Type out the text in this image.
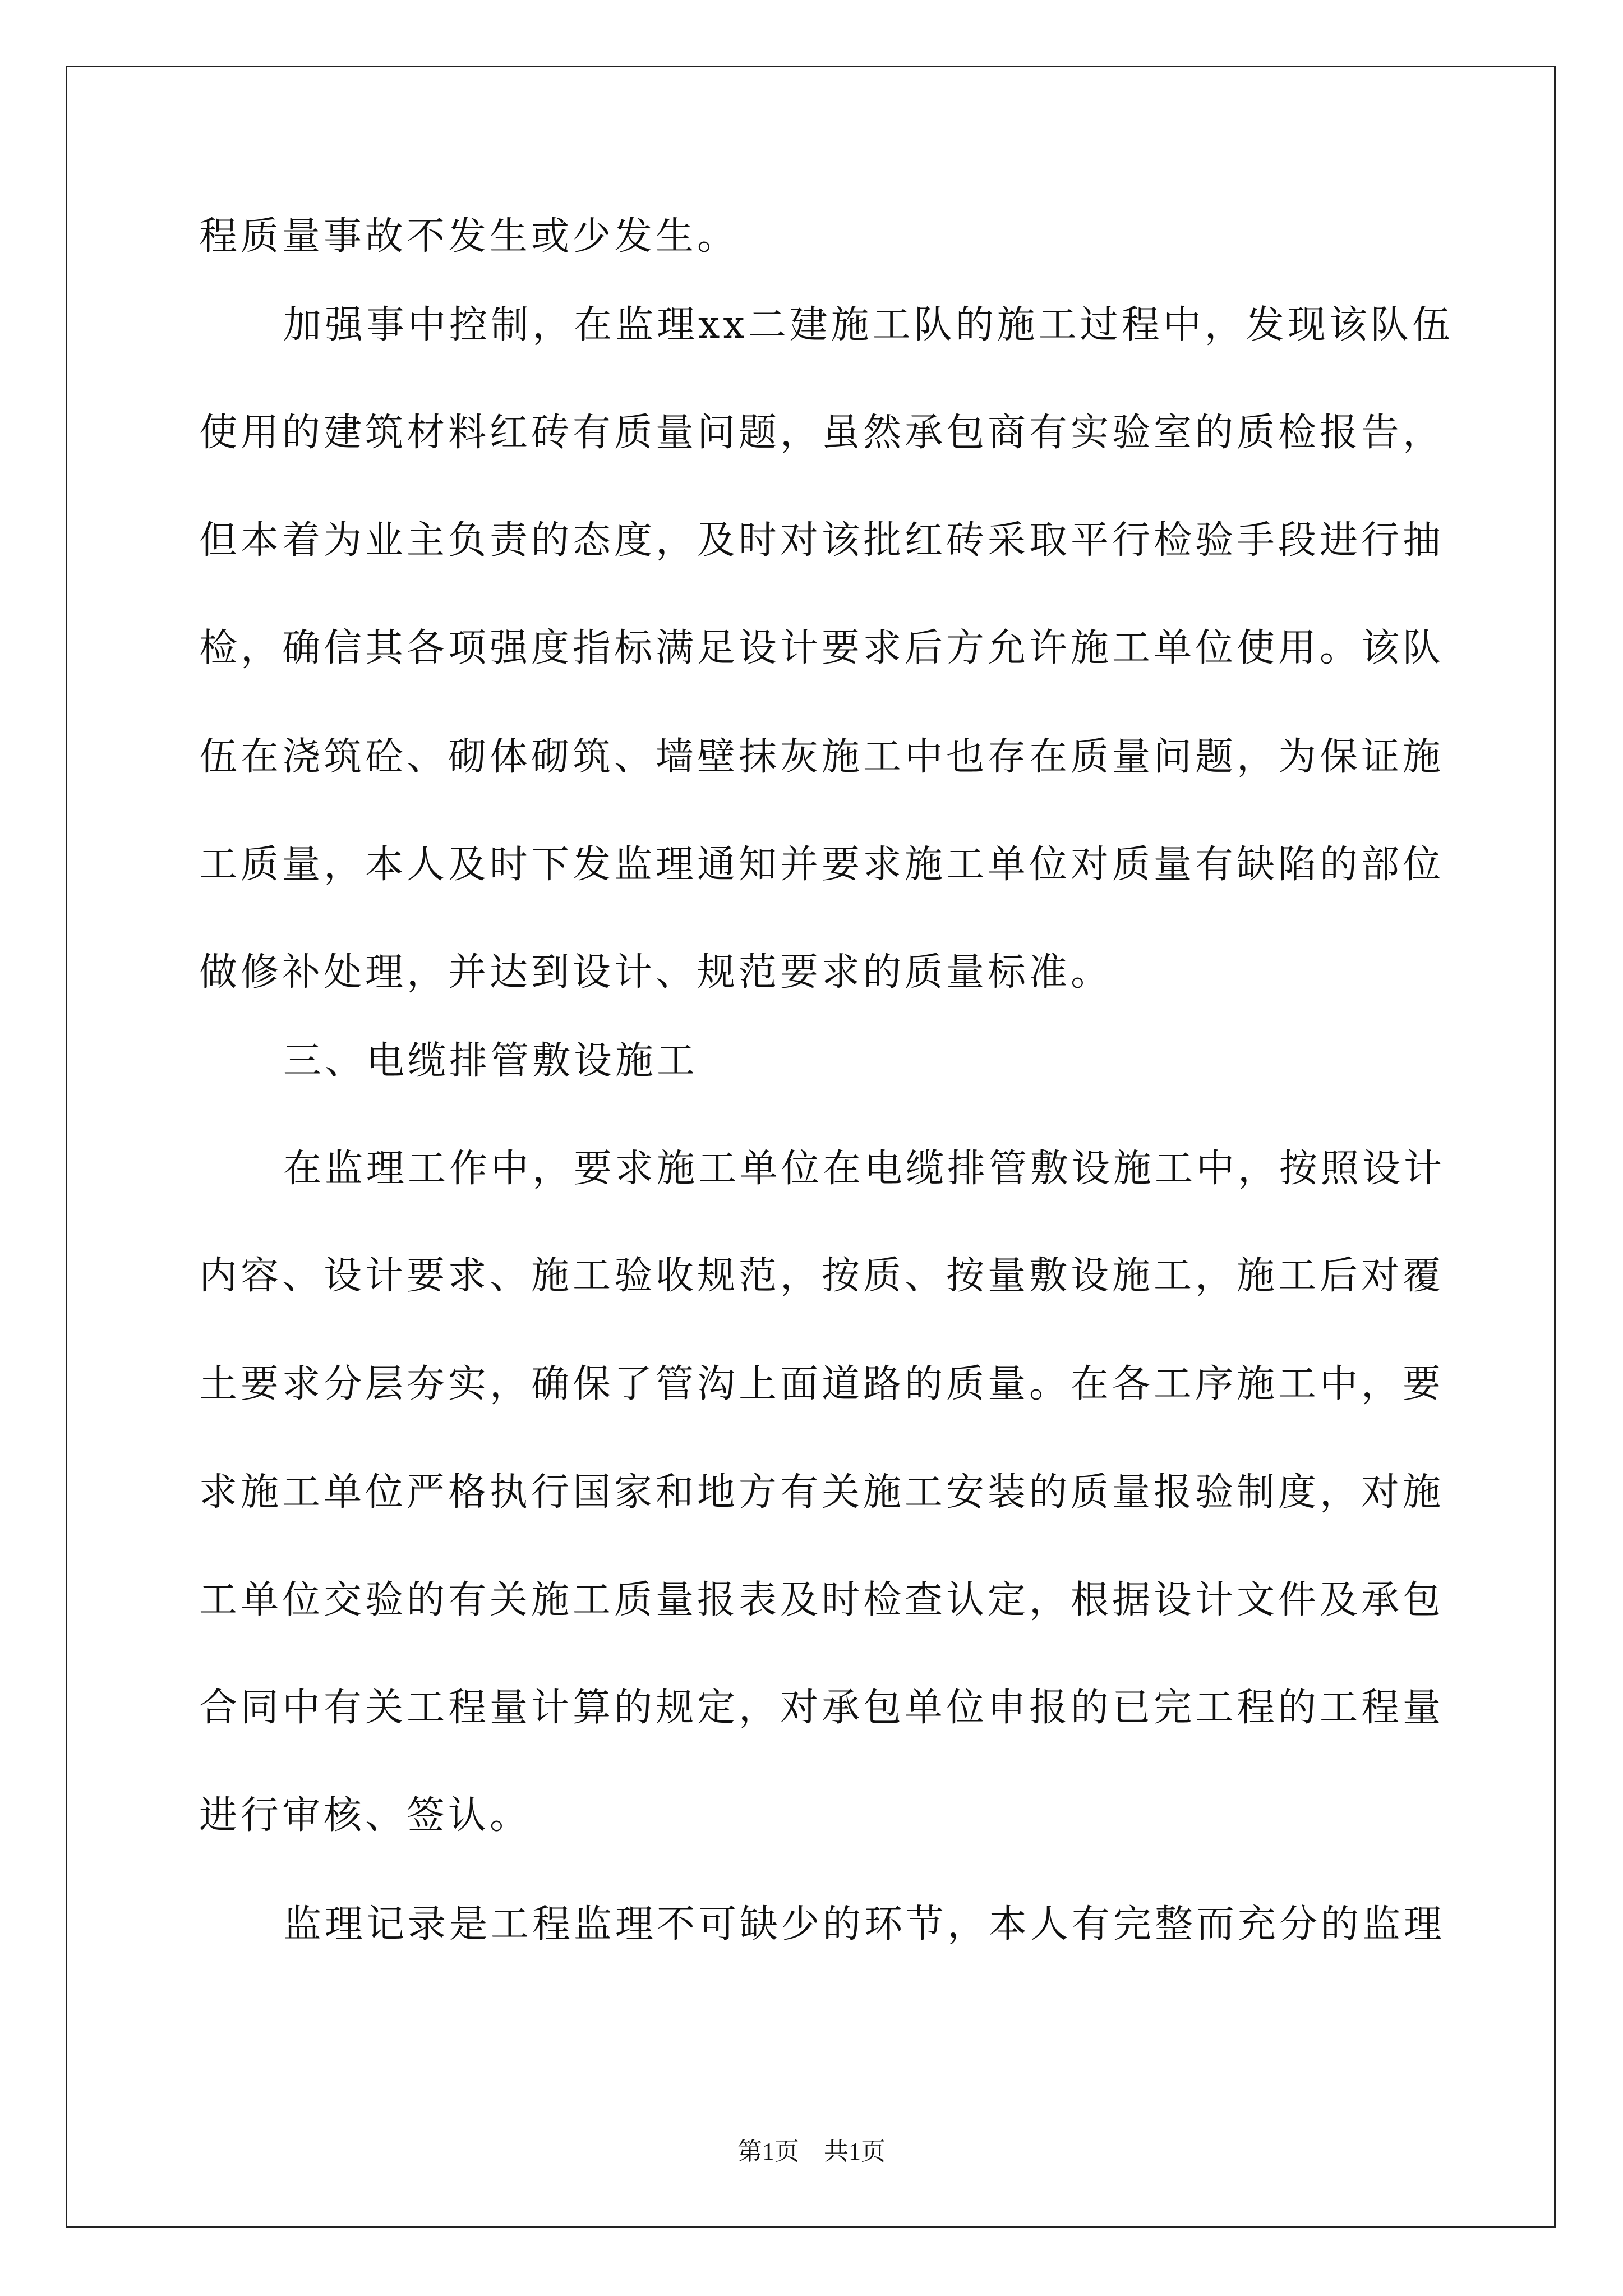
程质量事故不发生或少发生。
加强事中控制，在监理xx二建施工队的施工过程中，发现该队伍
使用的建筑材料红砖有质量问题，虽然承包商有实验室的质检报告，
但本着为业主负责的态度，及时对该批红砖采取平行检验手段进行抽
检，确信其各项强度指标满足设计要求后方允许施工单位使用。该队
伍在浇筑砼、砌体砌筑、墙壁抹灰施工中也存在质量问题，为保证施
工质量，本人及时下发监理通知并要求施工单位对质量有缺陷的部位
做修补处理，并达到设计、规范要求的质量标准。
三、电缆排管敷设施工
在监理工作中，要求施工单位在电缆排管敷设施工中，按照设计
内容、设计要求、施工验收规范，按质、按量敷设施工，施工后对覆
土要求分层夯实，确保了管沟上面道路的质量。在各工序施工中，要
求施工单位严格执行国家和地方有关施工安装的质量报验制度，对施
工单位交验的有关施工质量报表及时检查认定，根据设计文件及承包
合同中有关工程量计算的规定，对承包单位申报的已完工程的工程量
进行审核、签认。
监理记录是工程监理不可缺少的环节，本人有完整而充分的监理
第1页　共1页
